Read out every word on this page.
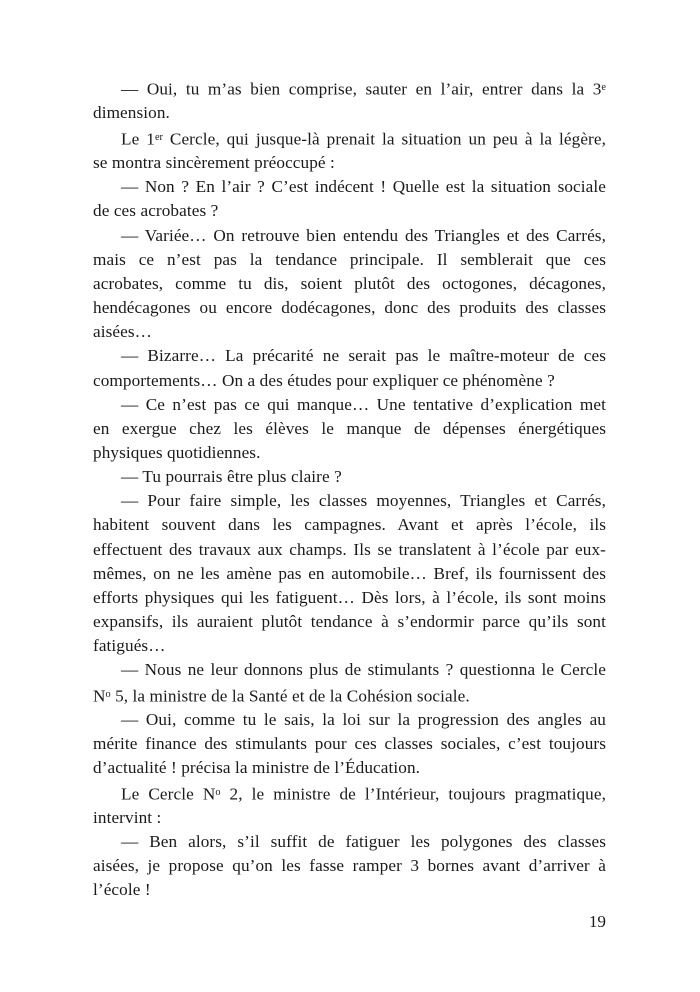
— Oui, tu m’as bien comprise, sauter en l’air, entrer dans la 3e
dimension.
Le 1er Cercle, qui jusque-là prenait la situation un peu à la légère,
se montra sincèrement préoccupé :
— Non ? En l’air ? C’est indécent ! Quelle est la situation sociale
de ces acrobates ?
— Variée… On retrouve bien entendu des Triangles et des Carrés,
mais ce n’est pas la tendance principale. Il semblerait que ces
acrobates, comme tu dis, soient plutôt des octogones, décagones,
hendécagones ou encore dodécagones, donc des produits des classes
aisées…
— Bizarre… La précarité ne serait pas le maître-moteur de ces
comportements… On a des études pour expliquer ce phénomène ?
— Ce n’est pas ce qui manque… Une tentative d’explication met
en exergue chez les élèves le manque de dépenses énergétiques
physiques quotidiennes.
— Tu pourrais être plus claire ?
— Pour faire simple, les classes moyennes, Triangles et Carrés,
habitent souvent dans les campagnes. Avant et après l’école, ils
effectuent des travaux aux champs. Ils se translatent à l’école par eux-
mêmes, on ne les amène pas en automobile… Bref, ils fournissent des
efforts physiques qui les fatiguent… Dès lors, à l’école, ils sont moins
expansifs, ils auraient plutôt tendance à s’endormir parce qu’ils sont
fatigués…
— Nous ne leur donnons plus de stimulants ? questionna le Cercle
$N^o$ 5, la ministre de la Santé et de la Cohésion sociale.
— Oui, comme tu le sais, la loi sur la progression des angles au
mérite finance des stimulants pour ces classes sociales, c’est toujours
d’actualité ! précisa la ministre de l’Éducation.
Le Cercle $N^o$ 2, le ministre de l’Intérieur, toujours pragmatique,
intervint :
— Ben alors, s’il suffit de fatiguer les polygones des classes
aisées, je propose qu’on les fasse ramper 3 bornes avant d’arriver à
l’école !
19
